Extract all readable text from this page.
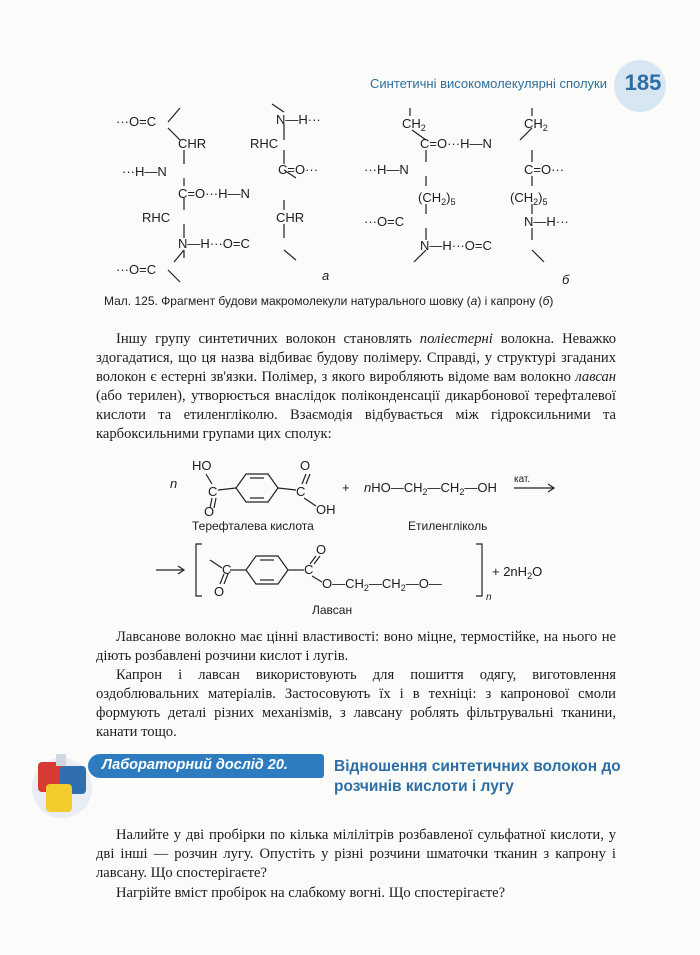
Синтетичні високомолекулярні сполуки 185
···O=C	N—H···
CHR	RHC
···H—N	C=O···
C=O···H—N
RHC	CHR
N—H···O=C
···O=C	а
$CH_2$	$CH_2$
C=O···H—N
···H—N	C=O···
$(CH_2)_5$	$(CH_2)_5$
···O=C	N—H···
N—H···O=C
б
Мал. 125. Фрагмент будови макромолекули натурального шовку (а) і капрону (б)
Іншу групу синтетичних волокон становлять поліестерні волокна. Неважко здогадатися, що ця назва відбиває будову полімеру. Справді, у структурі згаданих волокон є естерні зв'язки. Полімер, з якого виробляють відоме вам волокно лавсан (або терилен), утворюється внаслідок поліконденсації дикарбонової терефталевої кислоти та етиленгліколю. Взаємодія відбувається між гідроксильними та карбоксильними групами цих сполук:
n
HO
C
O
C
O
OH
+ $nHO—CH_2—CH_2—OH$
кат.
Терефталева кислота	Етиленгліколь
C
O
C
O
$O—CH_2—CH_2—O—$
n
+ $2nH_2O$
Лавсан
Лавсанове волокно має цінні властивості: воно міцне, термостійке, на нього не діють розбавлені розчини кислот і лугів.
Капрон і лавсан використовують для пошиття одягу, виготовлення оздоблювальних матеріалів. Застосовують їх і в техніці: з капронової смоли формують деталі різних механізмів, з лавсану роблять фільтрувальні тканини, канати тощо.
Лабораторний дослід 20.	Відношення синтетичних волокон до розчинів кислоти і лугу
Налийте у дві пробірки по кілька мілілітрів розбавленої сульфатної кислоти, у дві інші — розчин лугу. Опустіть у різні розчини шматочки тканин з капрону і лавсану. Що спостерігаєте?
Нагрійте вміст пробірок на слабкому вогні. Що спостерігаєте?
